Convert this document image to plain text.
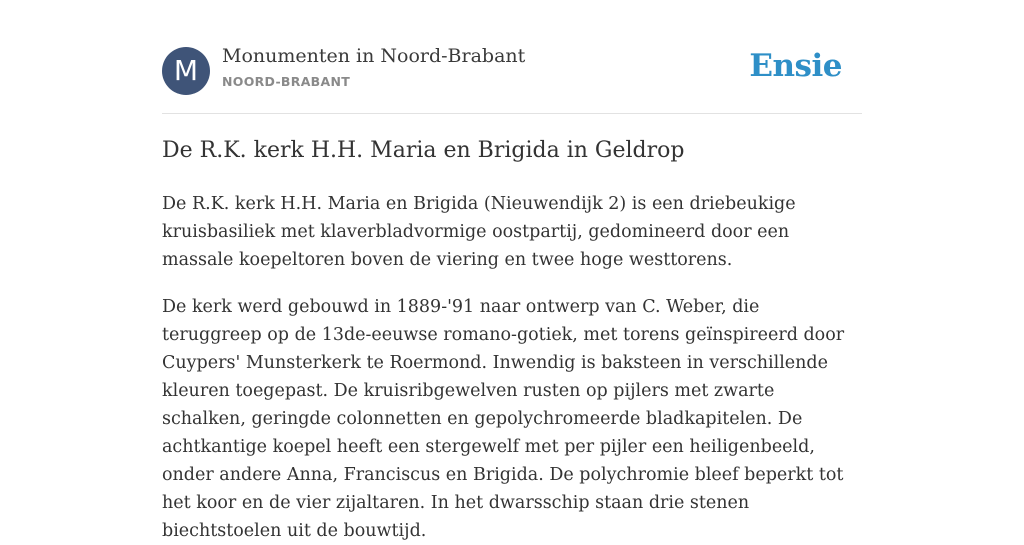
M	Monumenten in Noord-Brabant
NOORD-BRABANT	Ensie
De R.K. kerk H.H. Maria en Brigida in Geldrop

De R.K. kerk H.H. Maria en Brigida (Nieuwendijk 2) is een driebeukige kruisbasiliek met klaverbladvormige oostpartij, gedomineerd door een massale koepeltoren boven de viering en twee hoge westtorens.

De kerk werd gebouwd in 1889-'91 naar ontwerp van C. Weber, die teruggreep op de 13de-eeuwse romano-gotiek, met torens geïnspireerd door Cuypers' Munsterkerk te Roermond. Inwendig is baksteen in verschillende kleuren toegepast. De kruisribgewelven rusten op pijlers met zwarte schalken, geringde colonnetten en gepolychromeerde bladkapitelen. De achtkantige koepel heeft een stergewelf met per pijler een heiligenbeeld, onder andere Anna, Franciscus en Brigida. De polychromie bleef beperkt tot het koor en de vier zijaltaren. In het dwarsschip staan drie stenen biechtstoelen uit de bouwtijd.
